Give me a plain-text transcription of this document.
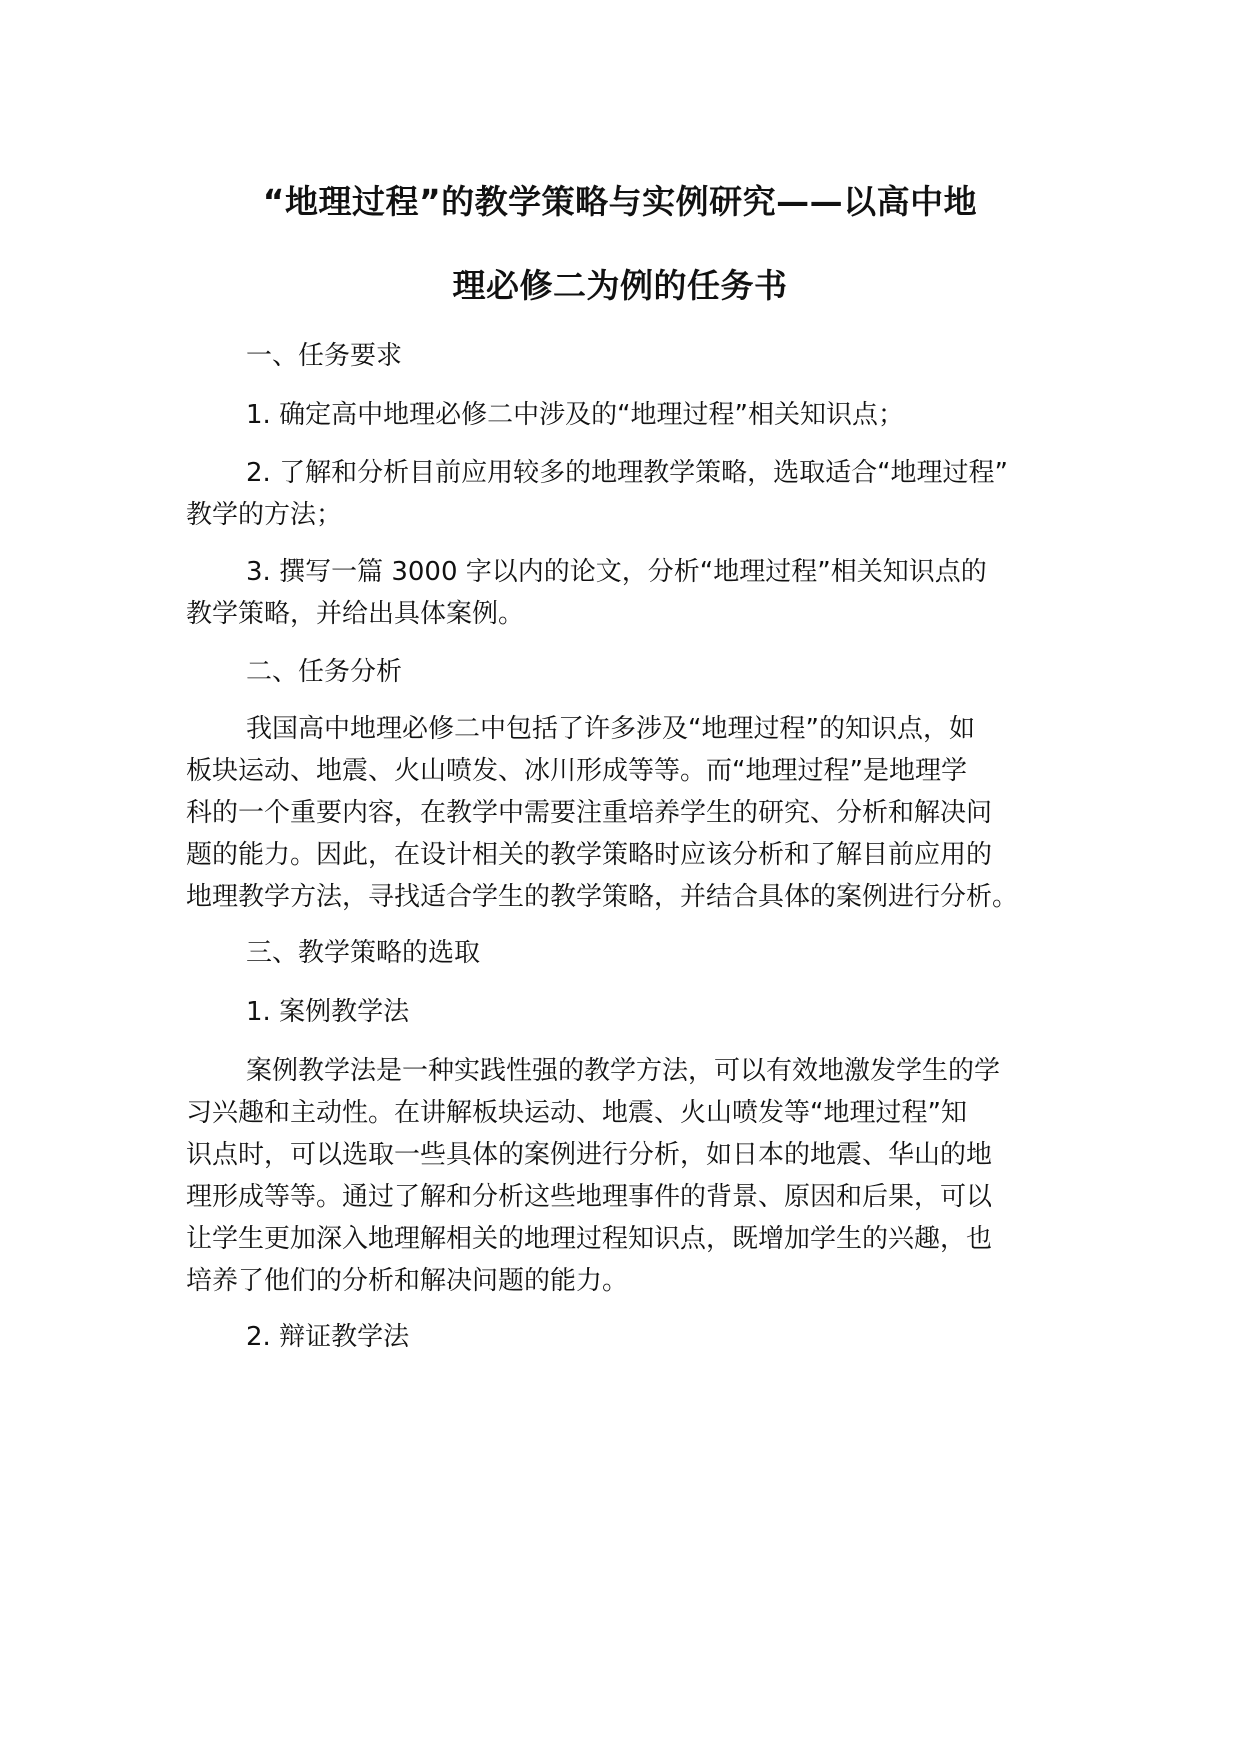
“地理过程”的教学策略与实例研究——以高中地
理必修二为例的任务书
一、任务要求
1. 确定高中地理必修二中涉及的“地理过程”相关知识点；
2. 了解和分析目前应用较多的地理教学策略，选取适合“地理过程”
教学的方法；
3. 撰写一篇 3000 字以内的论文，分析“地理过程”相关知识点的
教学策略，并给出具体案例。
二、任务分析
我国高中地理必修二中包括了许多涉及“地理过程”的知识点，如
板块运动、地震、火山喷发、冰川形成等等。而“地理过程”是地理学
科的一个重要内容，在教学中需要注重培养学生的研究、分析和解决问
题的能力。因此，在设计相关的教学策略时应该分析和了解目前应用的
地理教学方法，寻找适合学生的教学策略，并结合具体的案例进行分析。
三、教学策略的选取
1. 案例教学法
案例教学法是一种实践性强的教学方法，可以有效地激发学生的学
习兴趣和主动性。在讲解板块运动、地震、火山喷发等“地理过程”知
识点时，可以选取一些具体的案例进行分析，如日本的地震、华山的地
理形成等等。通过了解和分析这些地理事件的背景、原因和后果，可以
让学生更加深入地理解相关的地理过程知识点，既增加学生的兴趣，也
培养了他们的分析和解决问题的能力。
2. 辩证教学法
